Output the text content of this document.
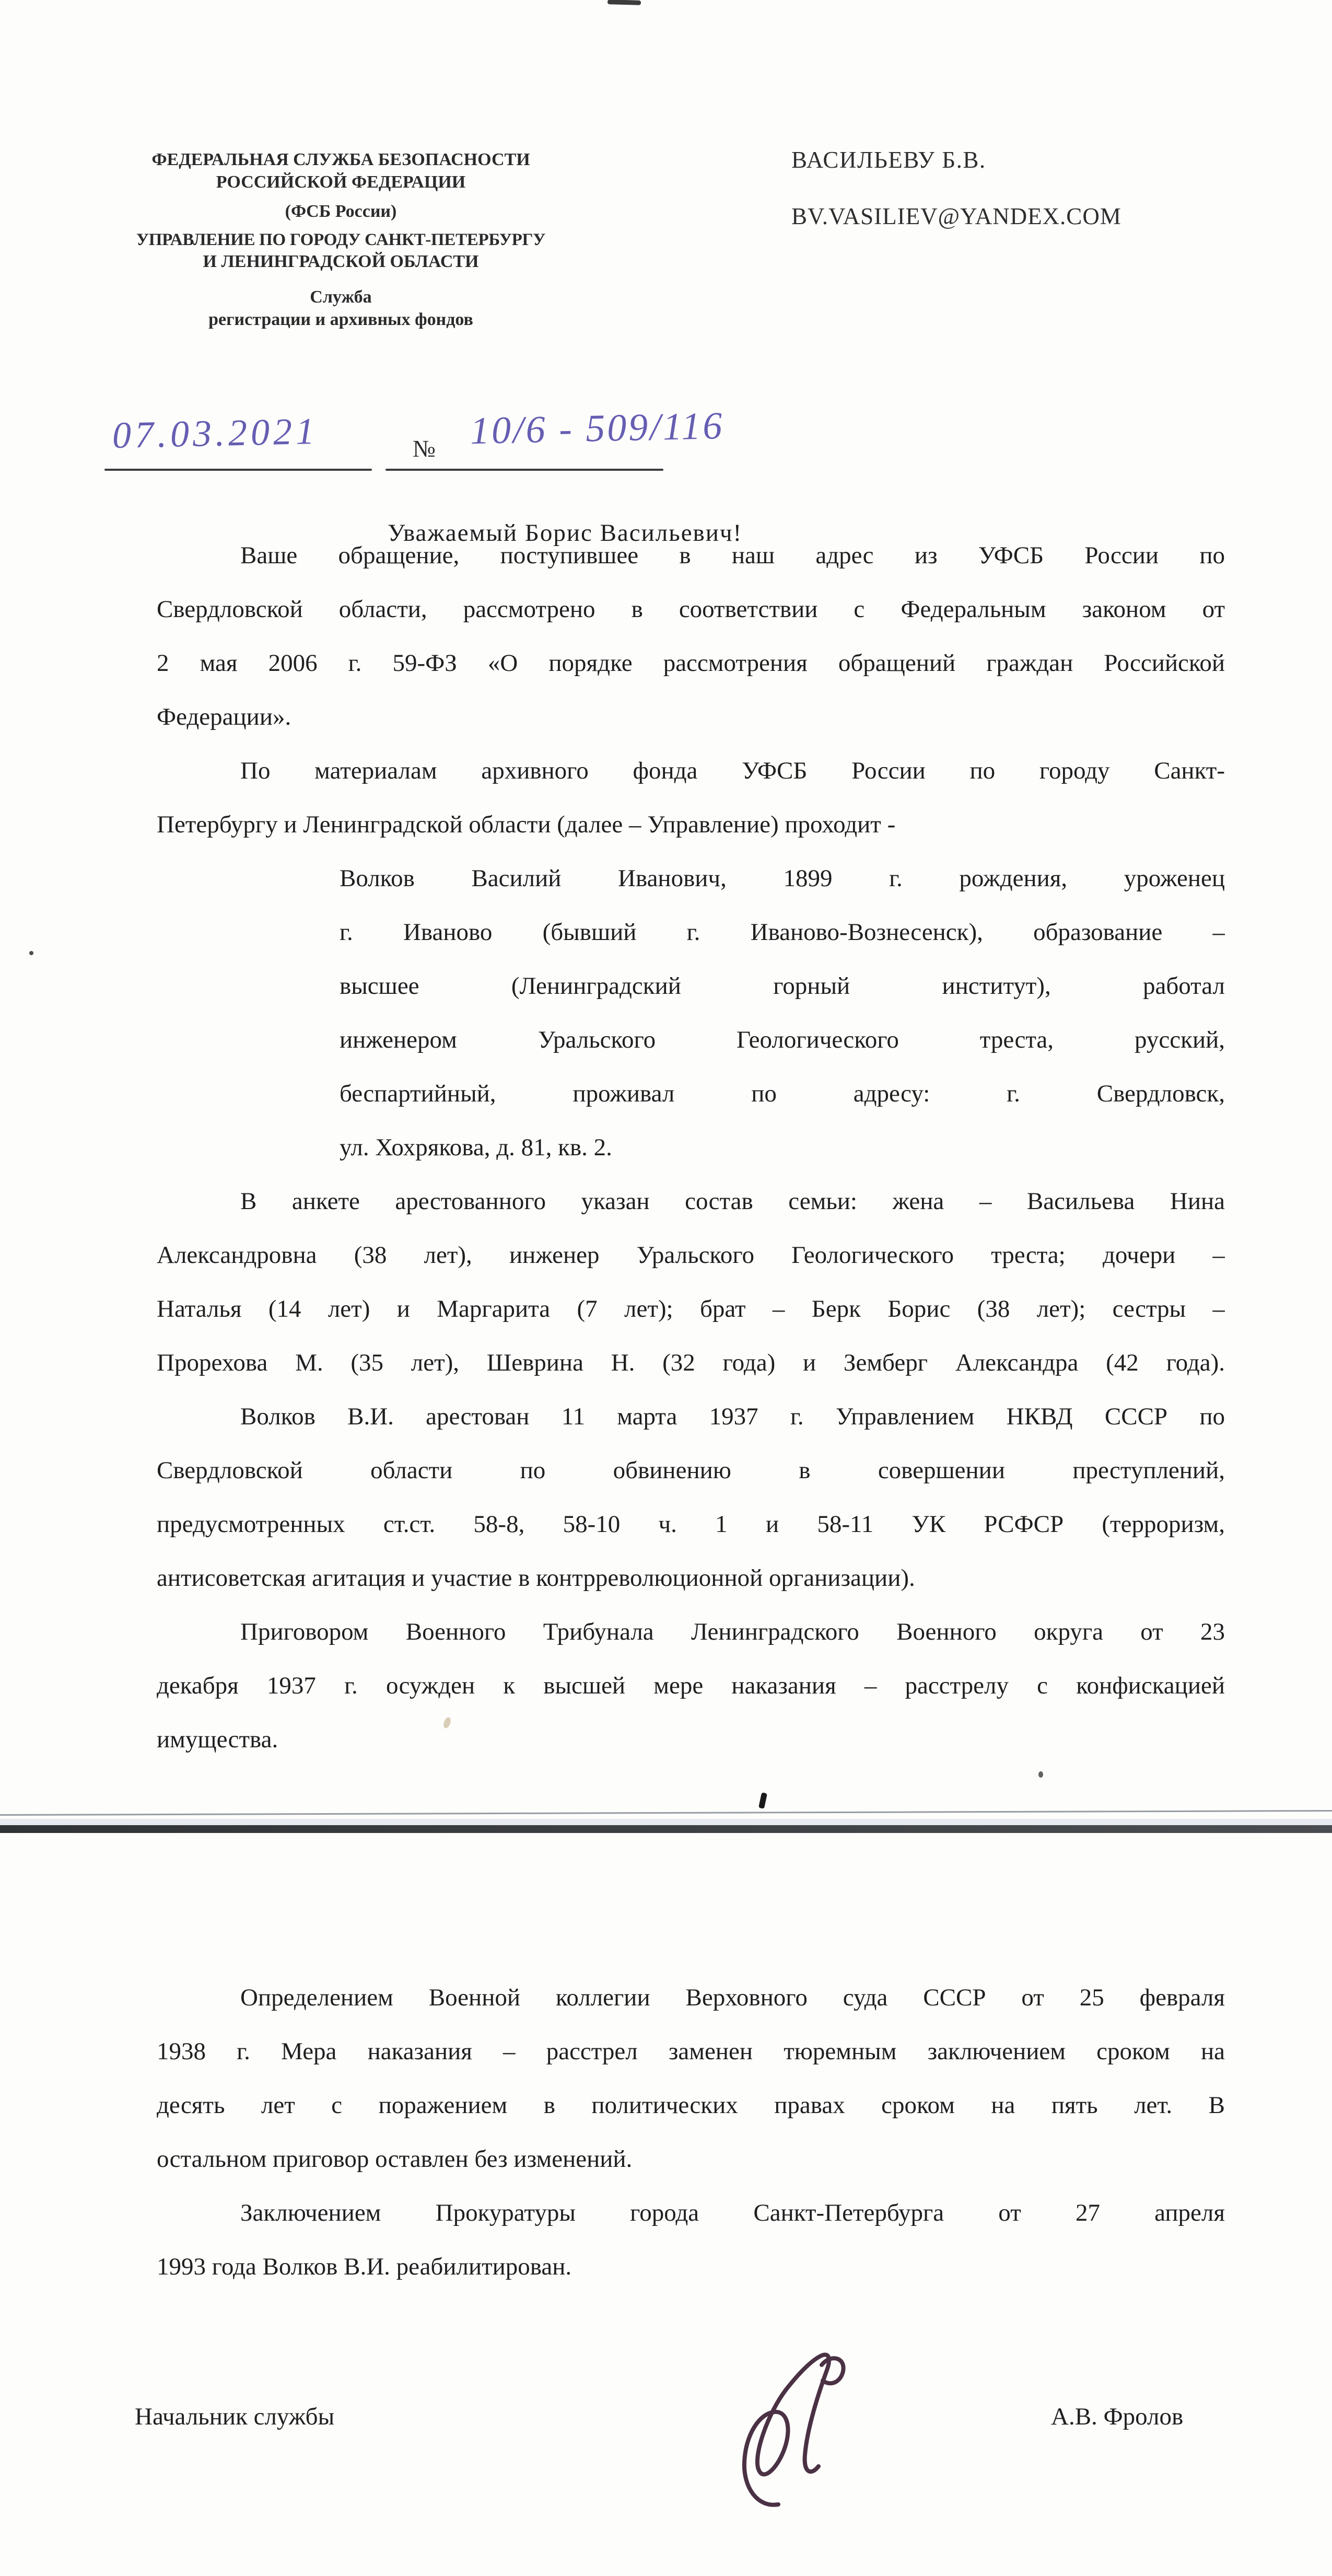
ФЕДЕРАЛЬНАЯ СЛУЖБА БЕЗОПАСНОСТИ
РОССИЙСКОЙ ФЕДЕРАЦИИ
(ФСБ России)
УПРАВЛЕНИЕ ПО ГОРОДУ САНКТ-ПЕТЕРБУРГУ
И ЛЕНИНГРАДСКОЙ ОБЛАСТИ
Служба
регистрации и архивных фондов
ВАСИЛЬЕВУ Б.В.
BV.VASILIEV@YANDEX.COM
07.03.2021	№ 10/6 - 509/116
Уважаемый Борис Васильевич!
Ваше обращение, поступившее в наш адрес из УФСБ России по
Свердловской области, рассмотрено в соответствии с Федеральным законом от
2 мая 2006 г. 59-ФЗ «О порядке рассмотрения обращений граждан Российской
Федерации».
По материалам архивного фонда УФСБ России по городу Санкт-
Петербургу и Ленинградской области (далее – Управление) проходит -
Волков Василий Иванович, 1899 г. рождения, уроженец
г. Иваново (бывший г. Иваново-Вознесенск), образование –
высшее (Ленинградский горный институт), работал
инженером Уральского Геологического треста, русский,
беспартийный, проживал по адресу: г. Свердловск,
ул. Хохрякова, д. 81, кв. 2.
В анкете арестованного указан состав семьи: жена – Васильева Нина
Александровна (38 лет), инженер Уральского Геологического треста; дочери –
Наталья (14 лет) и Маргарита (7 лет); брат – Берк Борис (38 лет); сестры –
Прорехова М. (35 лет), Шеврина Н. (32 года) и Земберг Александра (42 года).
Волков В.И. арестован 11 марта 1937 г. Управлением НКВД СССР по
Свердловской области по обвинению в совершении преступлений,
предусмотренных ст.ст. 58-8, 58-10 ч. 1 и 58-11 УК РСФСР (терроризм,
антисоветская агитация и участие в контрреволюционной организации).
Приговором Военного Трибунала Ленинградского Военного округа от 23
декабря 1937 г. осужден к высшей мере наказания – расстрелу с конфискацией
имущества.
Определением Военной коллегии Верховного суда СССР от 25 февраля
1938 г. Мера наказания – расстрел заменен тюремным заключением сроком на
десять лет с поражением в политических правах сроком на пять лет. В
остальном приговор оставлен без изменений.
Заключением Прокуратуры города Санкт-Петербурга от 27 апреля
1993 года Волков В.И. реабилитирован.
Начальник службы	А.В. Фролов
